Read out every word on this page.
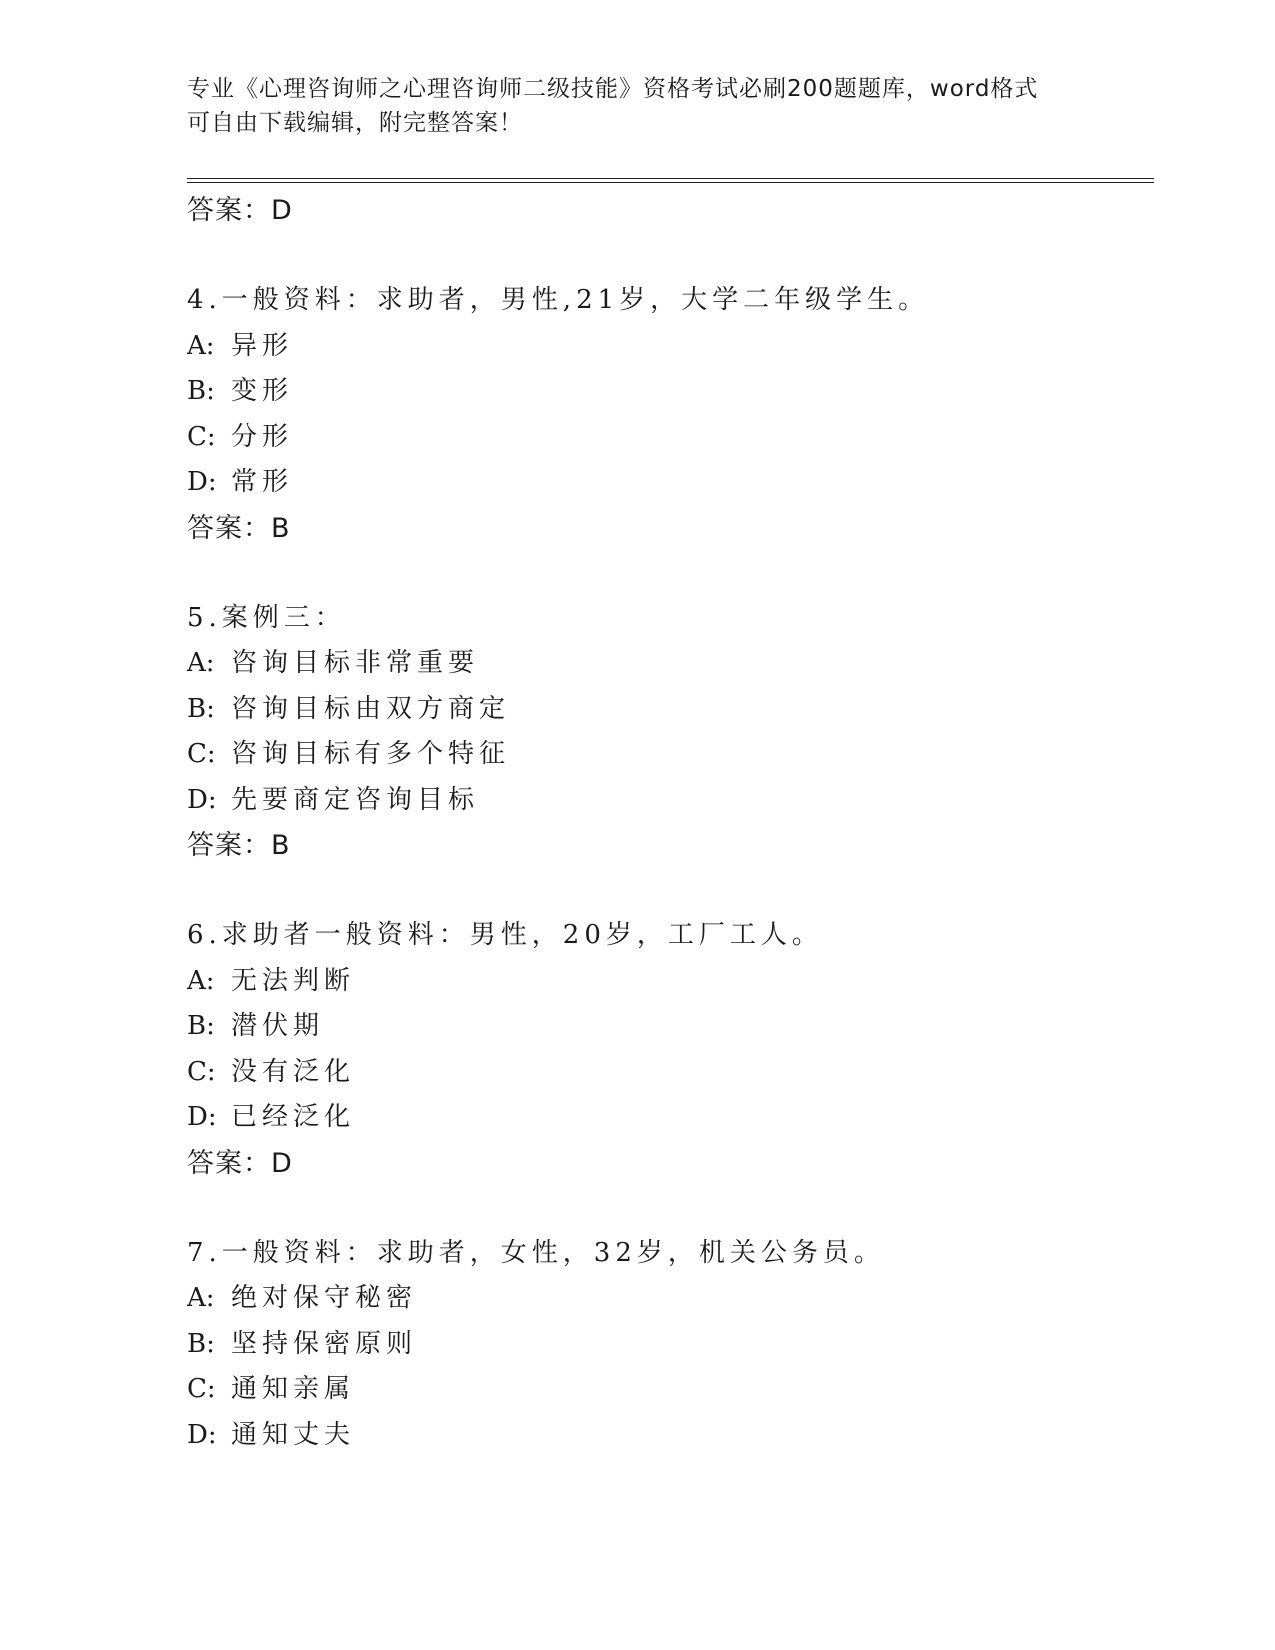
专业《心理咨询师之心理咨询师二级技能》资格考试必刷200题题库，word格式
可自由下载编辑，附完整答案！
答案：D
4.一般资料：求助者，男性,21岁，大学二年级学生。
A: 异形
B: 变形
C: 分形
D: 常形
答案：B
5.案例三：
A: 咨询目标非常重要
B: 咨询目标由双方商定
C: 咨询目标有多个特征
D: 先要商定咨询目标
答案：B
6.求助者一般资料：男性，20岁，工厂工人。
A: 无法判断
B: 潜伏期
C: 没有泛化
D: 已经泛化
答案：D
7.一般资料：求助者，女性，32岁，机关公务员。
A: 绝对保守秘密
B: 坚持保密原则
C: 通知亲属
D: 通知丈夫
